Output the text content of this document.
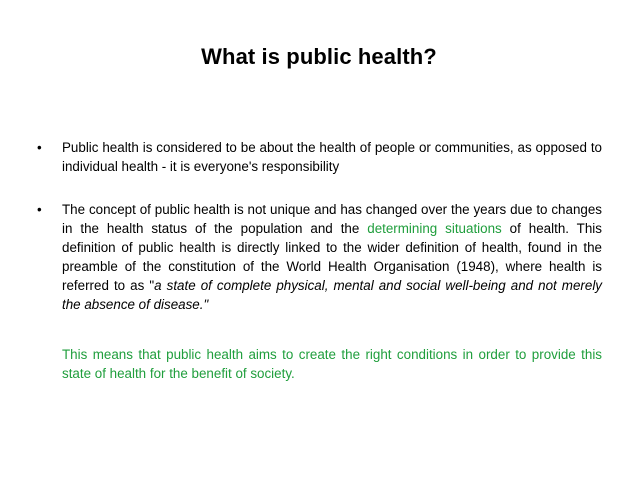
What is public health?
•	Public health is considered to be about the health of people or communities, as opposed to individual health - it is everyone's responsibility
•	The concept of public health is not unique and has changed over the years due to changes in the health status of the population and the determining situations of health. This definition of public health is directly linked to the wider definition of health, found in the preamble of the constitution of the World Health Organisation (1948), where health is referred to as "a state of complete physical, mental and social well-being and not merely the absence of disease."

This means that public health aims to create the right conditions in order to provide this state of health for the benefit of society.
